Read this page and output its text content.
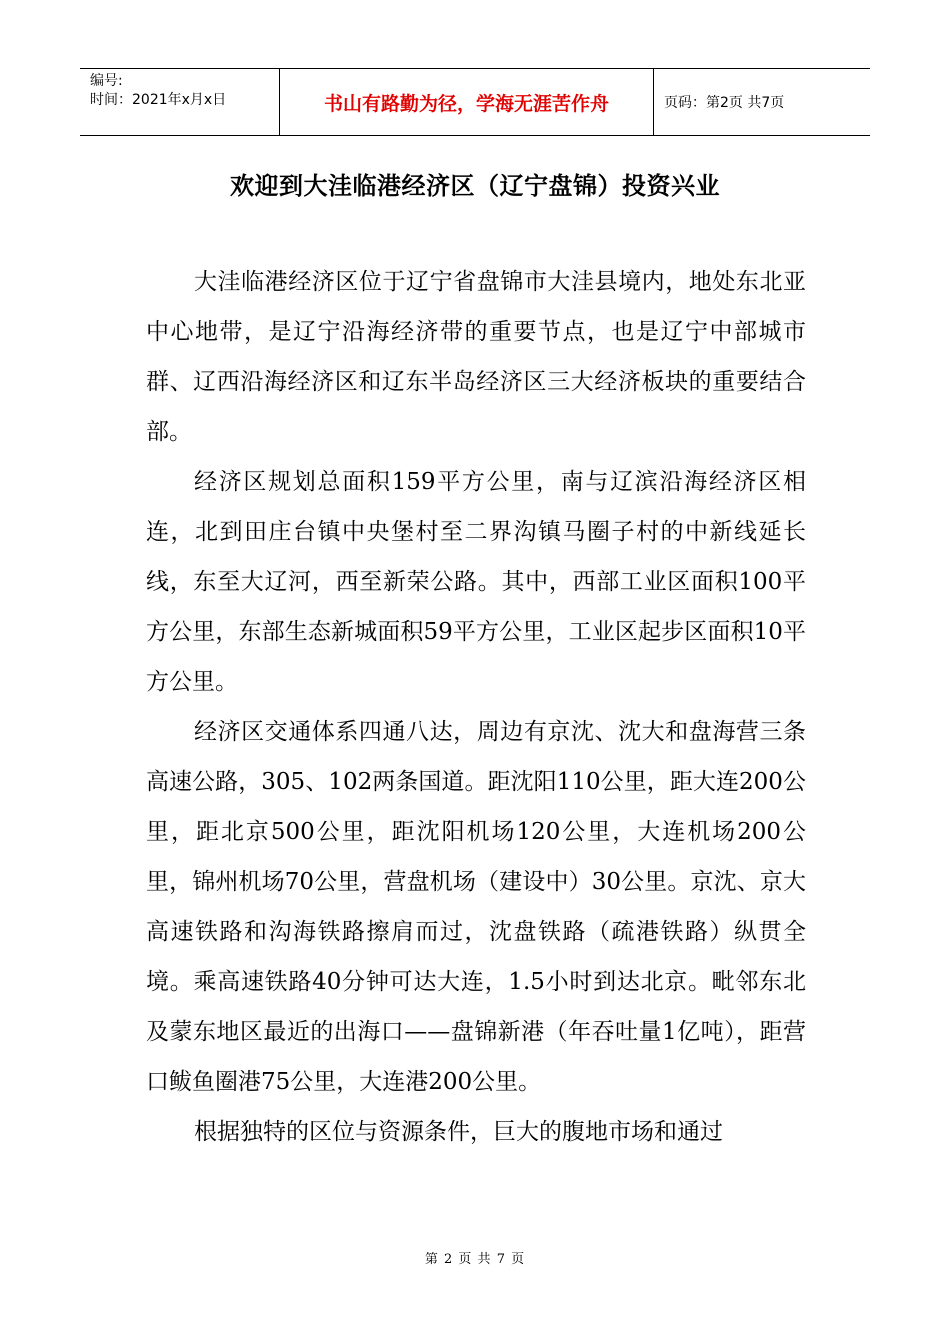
编号:
时间：2021年x月x日	书山有路勤为径，学海无涯苦作舟	页码：第2页 共7页
欢迎到大洼临港经济区（辽宁盘锦）投资兴业

大洼临港经济区位于辽宁省盘锦市大洼县境内，地处东北亚中心地带，是辽宁沿海经济带的重要节点，也是辽宁中部城市群、辽西沿海经济区和辽东半岛经济区三大经济板块的重要结合部。

经济区规划总面积159平方公里，南与辽滨沿海经济区相连，北到田庄台镇中央堡村至二界沟镇马圈子村的中新线延长线，东至大辽河，西至新荣公路。其中，西部工业区面积100平方公里，东部生态新城面积59平方公里，工业区起步区面积10平方公里。

经济区交通体系四通八达，周边有京沈、沈大和盘海营三条高速公路，305、102两条国道。距沈阳110公里，距大连200公里，距北京500公里，距沈阳机场120公里，大连机场200公里，锦州机场70公里，营盘机场（建设中）30公里。京沈、京大高速铁路和沟海铁路擦肩而过，沈盘铁路（疏港铁路）纵贯全境。乘高速铁路40分钟可达大连，1.5小时到达北京。毗邻东北及蒙东地区最近的出海口——盘锦新港（年吞吐量1亿吨），距营口鲅鱼圈港75公里，大连港200公里。

根据独特的区位与资源条件，巨大的腹地市场和通过

第 2 页 共 7 页
